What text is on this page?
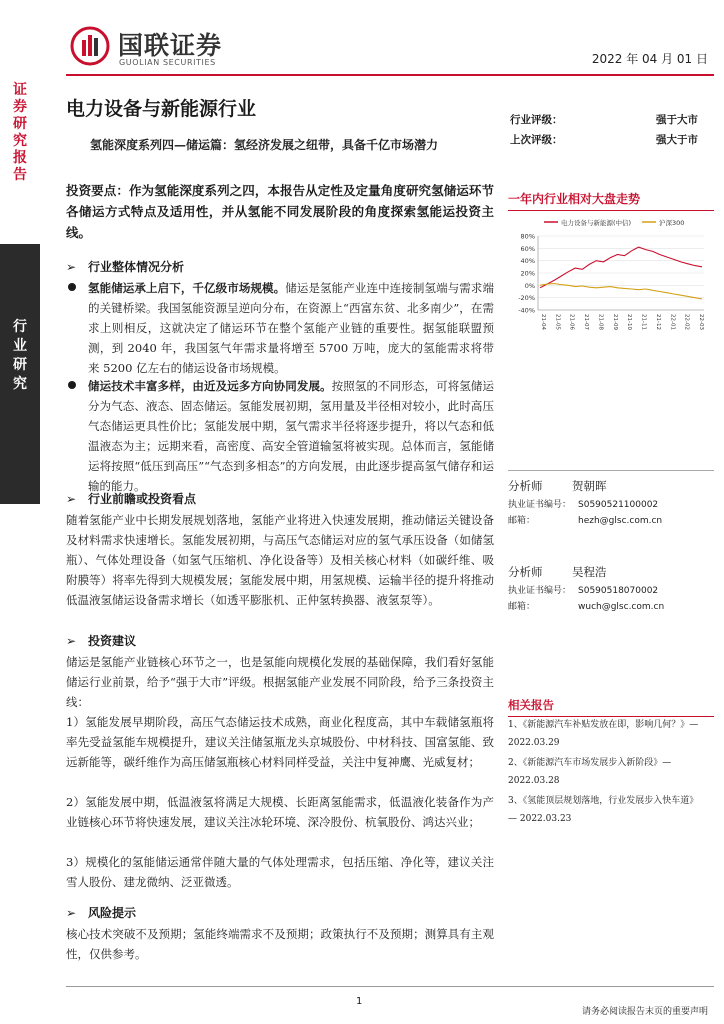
证券研究报告
行业研究
国联证券
GUOLIAN SECURITIES	2022 年 04 月 01 日
电力设备与新能源行业
氢能深度系列四—储运篇：氢经济发展之纽带，具备千亿市场潜力
行业评级：	强于大市
上次评级：	强大于市
投资要点：作为氢能深度系列之四，本报告从定性及定量角度研究氢储运环节各储运方式特点及适用性，并从氢能不同发展阶段的角度探索氢能运投资主线。
➢ 行业整体情况分析
氢能储运承上启下，千亿级市场规模。储运是氢能产业连中连接制氢端与需求端的关键桥梁。我国氢能资源呈逆向分布，在资源上“西富东贫、北多南少”，在需求上则相反，这就决定了储运环节在整个氢能产业链的重要性。据氢能联盟预测，到 2040 年，我国氢气年需求量将增至 5700 万吨，庞大的氢能需求将带来 5200 亿左右的储运设备市场规模。
储运技术丰富多样，由近及远多方向协同发展。按照氢的不同形态，可将氢储运分为气态、液态、固态储运。氢能发展初期，氢用量及半径相对较小，此时高压气态储运更具性价比；氢能发展中期，氢气需求半径将逐步提升，将以气态和低温液态为主；远期来看，高密度、高安全管道输氢将被实现。总体而言，氢能储运将按照“低压到高压”“气态到多相态”的方向发展，由此逐步提高氢气储存和运输的能力。
➢ 行业前瞻或投资看点
随着氢能产业中长期发展规划落地，氢能产业将进入快速发展期，推动储运关键设备及材料需求快速增长。氢能发展初期，与高压气态储运对应的氢气承压设备（如储氢瓶）、气体处理设备（如氢气压缩机、净化设备等）及相关核心材料（如碳纤维、吸附膜等）将率先得到大规模发展；氢能发展中期，用氢规模、运输半径的提升将推动低温液氢储运设备需求增长（如透平膨胀机、正仲氢转换器、液氢泵等）。
➢ 投资建议
储运是氢能产业链核心环节之一，也是氢能向规模化发展的基础保障，我们看好氢能储运行业前景，给予“强于大市”评级。根据氢能产业发展不同阶段，给予三条投资主线：
1）氢能发展早期阶段，高压气态储运技术成熟，商业化程度高，其中车载储氢瓶将率先受益氢能车规模提升，建议关注储氢瓶龙头京城股份、中材科技、国富氢能、致远新能等，碳纤维作为高压储氢瓶核心材料同样受益，关注中复神鹰、光威复材；
2）氢能发展中期，低温液氢将满足大规模、长距离氢能需求，低温液化装备作为产业链核心环节将快速发展，建议关注冰轮环境、深冷股份、杭氧股份、鸿达兴业；
3）规模化的氢能储运通常伴随大量的气体处理需求，包括压缩、净化等，建议关注雪人股份、建龙微纳、泛亚微透。
➢ 风险提示
核心技术突破不及预期；氢能终端需求不及预期；政策执行不及预期；测算具有主观性，仅供参考。
一年内行业相对大盘走势
电力设备与新能源(中信)	沪深300
80%
60%
40%
20%
0%
-20%
-40%
21-04 21-05 21-06 21-07 21-08 21-09 21-10 21-11 21-12 22-01 22-02 22-03
分析师	贺朝晖
执业证书编号： S0590521100002
邮箱：	hezh@glsc.com.cn
分析师	吴程浩
执业证书编号： S0590518070002
邮箱：	wuch@glsc.com.cn
相关报告
1、《新能源汽车补贴发放在即，影响几何？》—
2022.03.29
2、《新能源汽车市场发展步入新阶段》—
2022.03.28
3、《氢能顶层规划落地，行业发展步入快车道》
— 2022.03.23
1
请务必阅读报告末页的重要声明
